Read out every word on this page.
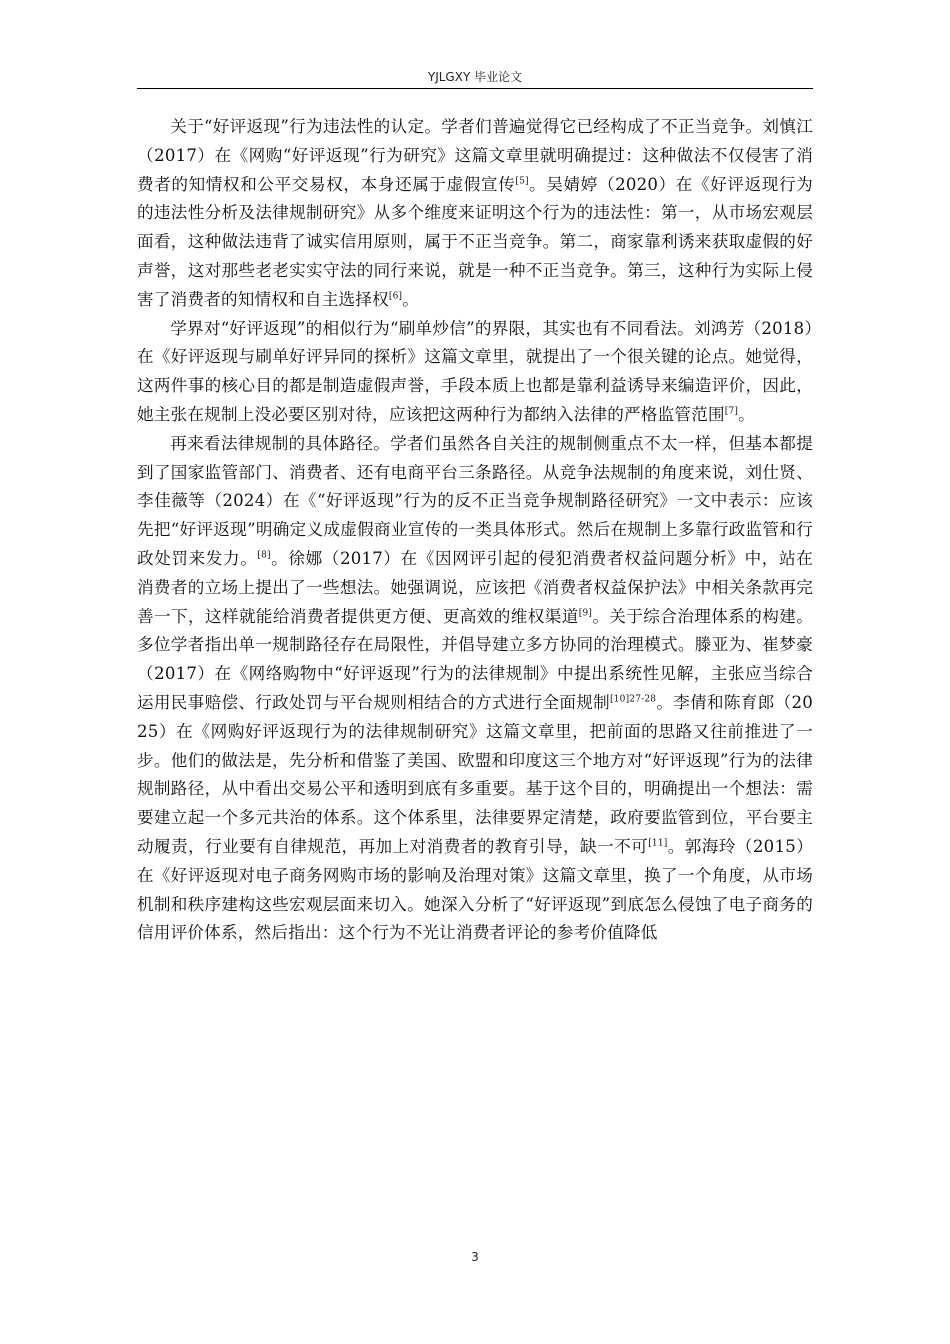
YJLGXY 毕业论文

关于“好评返现”行为违法性的认定。学者们普遍觉得它已经构成了不正当竞争。刘慎江（2017）在《网购“好评返现”行为研究》这篇文章里就明确提过：这种做法不仅侵害了消费者的知情权和公平交易权，本身还属于虚假宣传[5]。吴婧婷（2020）在《好评返现行为的违法性分析及法律规制研究》从多个维度来证明这个行为的违法性：第一，从市场宏观层面看，这种做法违背了诚实信用原则，属于不正当竞争。第二，商家靠利诱来获取虚假的好声誉，这对那些老老实实守法的同行来说，就是一种不正当竞争。第三，这种行为实际上侵害了消费者的知情权和自主选择权[6]。

学界对“好评返现”的相似行为“刷单炒信”的界限，其实也有不同看法。刘鸿芳（2018）在《好评返现与刷单好评异同的探析》这篇文章里，就提出了一个很关键的论点。她觉得，这两件事的核心目的都是制造虚假声誉，手段本质上也都是靠利益诱导来编造评价，因此，她主张在规制上没必要区别对待，应该把这两种行为都纳入法律的严格监管范围[7]。

再来看法律规制的具体路径。学者们虽然各自关注的规制侧重点不太一样，但基本都提到了国家监管部门、消费者、还有电商平台三条路径。从竞争法规制的角度来说，刘仕贤、李佳薇等（2024）在《“好评返现”行为的反不正当竞争规制路径研究》一文中表示：应该先把“好评返现”明确定义成虚假商业宣传的一类具体形式。然后在规制上多靠行政监管和行政处罚来发力。[8]。徐娜（2017）在《因网评引起的侵犯消费者权益问题分析》中，站在消费者的立场上提出了一些想法。她强调说，应该把《消费者权益保护法》中相关条款再完善一下，这样就能给消费者提供更方便、更高效的维权渠道[9]。关于综合治理体系的构建。多位学者指出单一规制路径存在局限性，并倡导建立多方协同的治理模式。滕亚为、崔梦豪（2017）在《网络购物中“好评返现”行为的法律规制》中提出系统性见解，主张应当综合运用民事赔偿、行政处罚与平台规则相结合的方式进行全面规制$^{[10]27-28}$。李倩和陈育郎（2025）在《网购好评返现行为的法律规制研究》这篇文章里，把前面的思路又往前推进了一步。他们的做法是，先分析和借鉴了美国、欧盟和印度这三个地方对“好评返现”行为的法律规制路径，从中看出交易公平和透明到底有多重要。基于这个目的，明确提出一个想法：需要建立起一个多元共治的体系。这个体系里，法律要界定清楚，政府要监管到位，平台要主动履责，行业要有自律规范，再加上对消费者的教育引导，缺一不可[11]。郭海玲（2015）在《好评返现对电子商务网购市场的影响及治理对策》这篇文章里，换了一个角度，从市场机制和秩序建构这些宏观层面来切入。她深入分析了“好评返现”到底怎么侵蚀了电子商务的信用评价体系，然后指出：这个行为不光让消费者评论的参考价值降低

3
